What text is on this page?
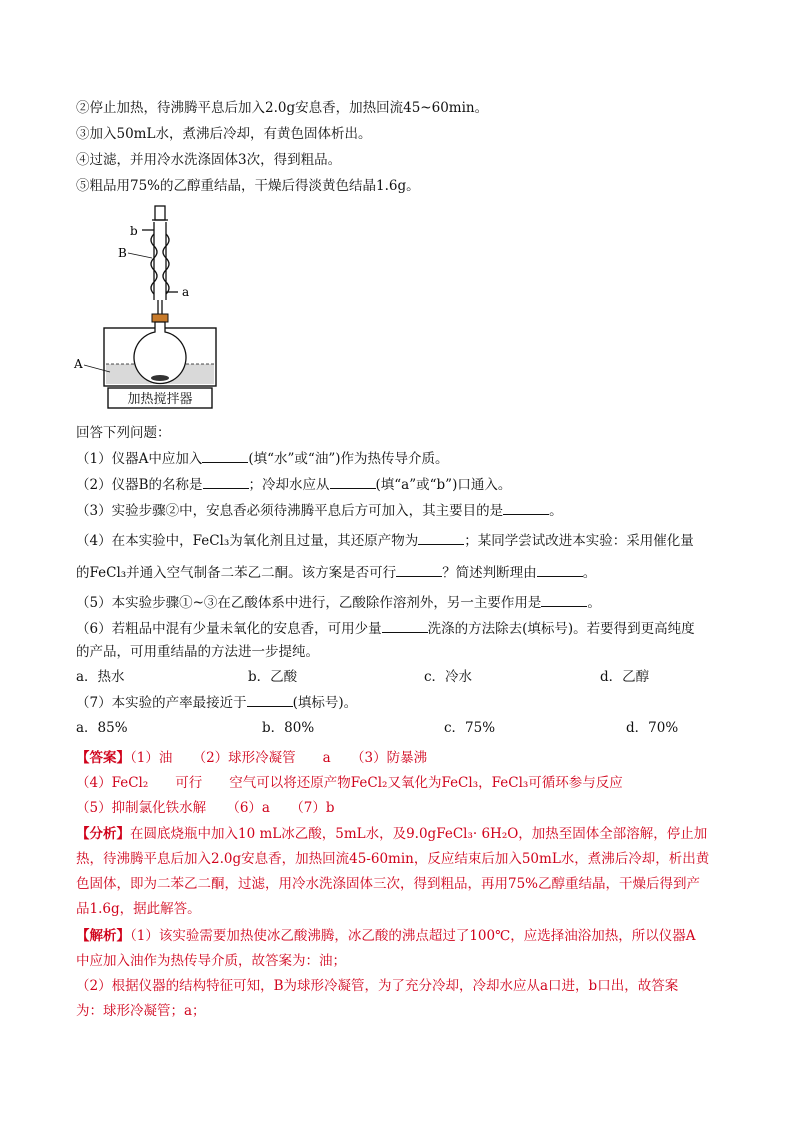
②停止加热，待沸腾平息后加入2.0g安息香，加热回流45~60min。
③加入50mL水，煮沸后冷却，有黄色固体析出。
④过滤，并用冷水洗涤固体3次，得到粗品。
⑤粗品用75%的乙醇重结晶，干燥后得淡黄色结晶1.6g。
加热搅拌器
b
B
a
A
回答下列问题：
（1）仪器A中应加入	(填“水”或“油”)作为热传导介质。
（2）仪器B的名称是	；冷却水应从	(填“a”或“b”)口通入。
（3）实验步骤②中，安息香必须待沸腾平息后方可加入，其主要目的是	。
（4）在本实验中，FeCl₃为氧化剂且过量，其还原产物为	；某同学尝试改进本实验：采用催化量
的FeCl₃并通入空气制备二苯乙二酮。该方案是否可行	？简述判断理由	。
（5）本实验步骤①~③在乙酸体系中进行，乙酸除作溶剂外，另一主要作用是	。
（6）若粗品中混有少量未氧化的安息香，可用少量	洗涤的方法除去(填标号)。若要得到更高纯度
的产品，可用重结晶的方法进一步提纯。
a．热水	b．乙酸	c．冷水	d．乙醇
（7）本实验的产率最接近于	(填标号)。
a．85%	b．80%	c．75%	d．70%
【答案】（1）油　　（2）球形冷凝管　　a　　（3）防暴沸
（4）FeCl₂　　可行　　空气可以将还原产物FeCl₂又氧化为FeCl₃，FeCl₃可循环参与反应
（5）抑制氯化铁水解　　（6）a　　（7）b
【分析】在圆底烧瓶中加入10 mL冰乙酸，5mL水，及9.0gFeCl₃· 6H₂O，加热至固体全部溶解，停止加
热，待沸腾平息后加入2.0g安息香，加热回流45-60min，反应结束后加入50mL水，煮沸后冷却，析出黄
色固体，即为二苯乙二酮，过滤，用冷水洗涤固体三次，得到粗品，再用75%乙醇重结晶，干燥后得到产
品1.6g，据此解答。
【解析】（1）该实验需要加热使冰乙酸沸腾，冰乙酸的沸点超过了100℃，应选择油浴加热，所以仪器A
中应加入油作为热传导介质，故答案为：油；
（2）根据仪器的结构特征可知，B为球形冷凝管，为了充分冷却，冷却水应从a口进，b口出，故答案
为：球形冷凝管；a；
